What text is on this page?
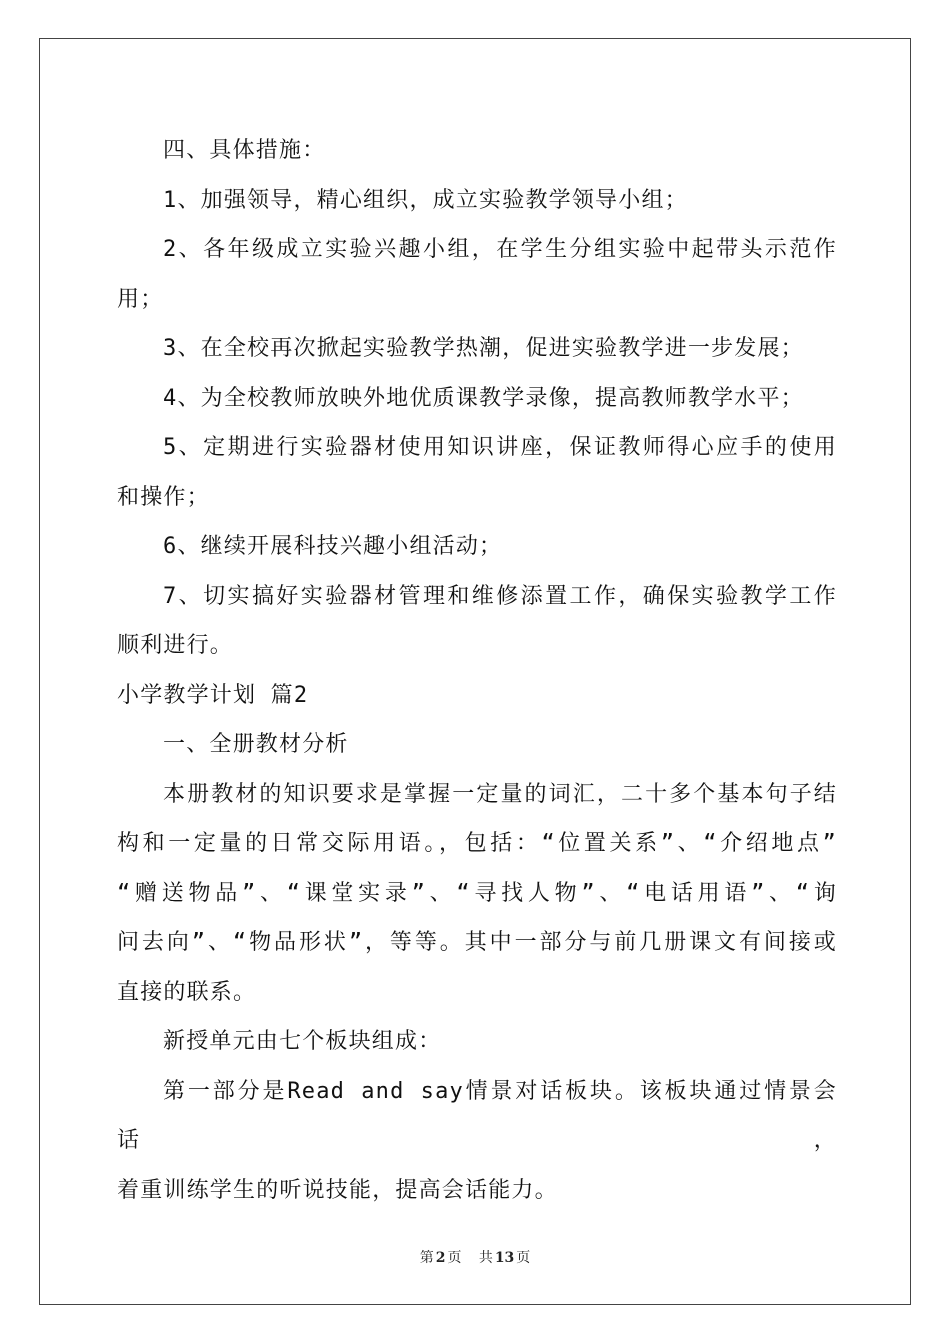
四、具体措施：

1、加强领导，精心组织，成立实验教学领导小组；

2、各年级成立实验兴趣小组，在学生分组实验中起带头示范作

用；

3、在全校再次掀起实验教学热潮，促进实验教学进一步发展；

4、为全校教师放映外地优质课教学录像，提高教师教学水平；

5、定期进行实验器材使用知识讲座，保证教师得心应手的使用

和操作；

6、继续开展科技兴趣小组活动；

7、切实搞好实验器材管理和维修添置工作，确保实验教学工作

顺利进行。

小学教学计划 篇2

一、全册教材分析

本册教材的知识要求是掌握一定量的词汇，二十多个基本句子结

构和一定量的日常交际用语。，包括：“位置关系”、“介绍地点”

“赠送物品”、“课堂实录”、“寻找人物”、“电话用语”、“询

问去向”、“物品形状”，等等。其中一部分与前几册课文有间接或

直接的联系。

新授单元由七个板块组成：

第一部分是Read and say情景对话板块。该板块通过情景会话，

着重训练学生的听说技能，提高会话能力。

第 2 页 共 13 页
